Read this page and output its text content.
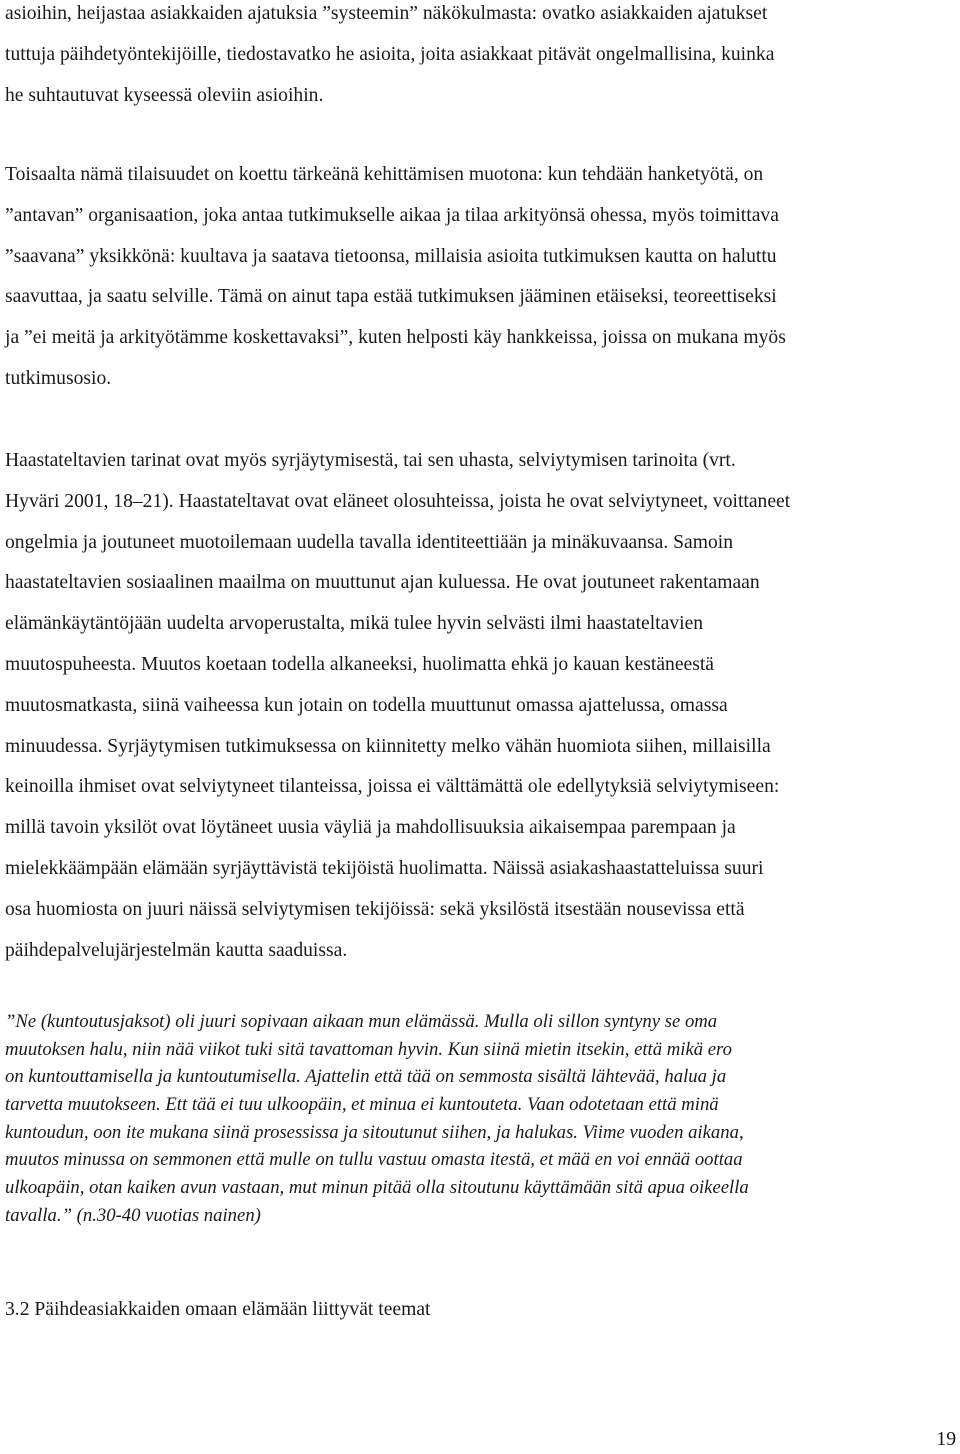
asioihin, heijastaa asiakkaiden ajatuksia ”systeemin” näkökulmasta: ovatko asiakkaiden ajatukset
tuttuja päihdetyöntekijöille, tiedostavatko he asioita, joita asiakkaat pitävät ongelmallisina, kuinka
he suhtautuvat kyseessä oleviin asioihin.

Toisaalta nämä tilaisuudet on koettu tärkeänä kehittämisen muotona: kun tehdään hanketyötä, on
”antavan” organisaation, joka antaa tutkimukselle aikaa ja tilaa arkityönsä ohessa, myös toimittava
”saavana” yksikkönä: kuultava ja saatava tietoonsa, millaisia asioita tutkimuksen kautta on haluttu
saavuttaa, ja saatu selville. Tämä on ainut tapa estää tutkimuksen jääminen etäiseksi, teoreettiseksi
ja ”ei meitä ja arkityötämme koskettavaksi”, kuten helposti käy hankkeissa, joissa on mukana myös
tutkimusosio.

Haastateltavien tarinat ovat myös syrjäytymisestä, tai sen uhasta, selviytymisen tarinoita (vrt.
Hyväri 2001, 18–21). Haastateltavat ovat eläneet olosuhteissa, joista he ovat selviytyneet, voittaneet
ongelmia ja joutuneet muotoilemaan uudella tavalla identiteettiään ja minäkuvaansa. Samoin
haastateltavien sosiaalinen maailma on muuttunut ajan kuluessa. He ovat joutuneet rakentamaan
elämänkäytäntöjään uudelta arvoperustalta, mikä tulee hyvin selvästi ilmi haastateltavien
muutospuheesta. Muutos koetaan todella alkaneeksi, huolimatta ehkä jo kauan kestäneestä
muutosmatkasta, siinä vaiheessa kun jotain on todella muuttunut omassa ajattelussa, omassa
minuudessa. Syrjäytymisen tutkimuksessa on kiinnitetty melko vähän huomiota siihen, millaisilla
keinoilla ihmiset ovat selviytyneet tilanteissa, joissa ei välttämättä ole edellytyksiä selviytymiseen:
millä tavoin yksilöt ovat löytäneet uusia väyliä ja mahdollisuuksia aikaisempaa parempaan ja
mielekkäämpään elämään syrjäyttävistä tekijöistä huolimatta. Näissä asiakashaastatteluissa suuri
osa huomiosta on juuri näissä selviytymisen tekijöissä: sekä yksilöstä itsestään nousevissa että
päihdepalvelujärjestelmän kautta saaduissa.

”Ne (kuntoutusjaksot) oli juuri sopivaan aikaan mun elämässä. Mulla oli sillon syntyny se oma
muutoksen halu, niin nää viikot tuki sitä tavattoman hyvin. Kun siinä mietin itsekin, että mikä ero
on kuntouttamisella ja kuntoutumisella. Ajattelin että tää on semmosta sisältä lähtevää, halua ja
tarvetta muutokseen. Ett tää ei tuu ulkoopäin, et minua ei kuntouteta. Vaan odotetaan että minä
kuntoudun, oon ite mukana siinä prosessissa ja sitoutunut siihen, ja halukas. Viime vuoden aikana,
muutos minussa on semmonen että mulle on tullu vastuu omasta itestä, et mää en voi ennää oottaa
ulkoapäin, otan kaiken avun vastaan, mut minun pitää olla sitoutunu käyttämään sitä apua oikeella
tavalla.” (n.30-40 vuotias nainen)

3.2 Päihdeasiakkaiden omaan elämään liittyvät teemat
19
